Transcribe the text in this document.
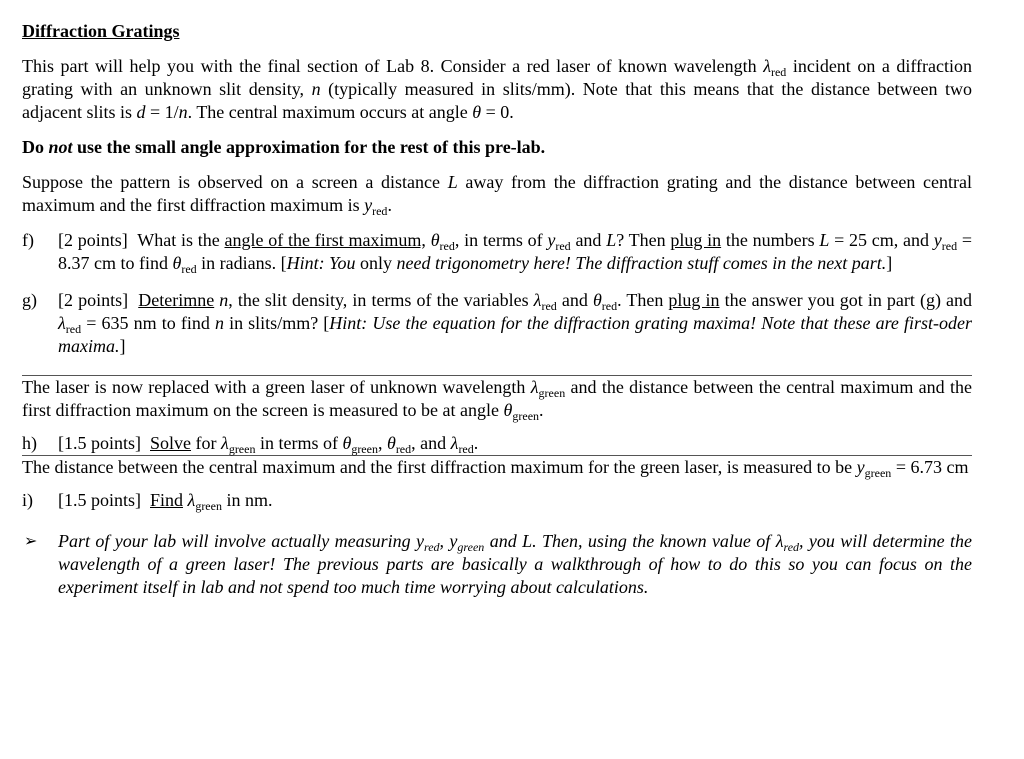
Diffraction Gratings

This part will help you with the final section of Lab 8. Consider a red laser of known wavelength $\lambda_{red}$ incident on a diffraction grating with an unknown slit density, n (typically measured in slits/mm). Note that this means that the distance between two adjacent slits is d = 1/n. The central maximum occurs at angle θ = 0.

Do not use the small angle approximation for the rest of this pre-lab.

Suppose the pattern is observed on a screen a distance L away from the diffraction grating and the distance between central maximum and the first diffraction maximum is $y_{red}$.

f) [2 points] What is the angle of the first maximum, $\theta_{red}$, in terms of $y_{red}$ and L? Then plug in the numbers L = 25 cm, and $y_{red} = 8.37$ cm to find $\theta_{red}$ in radians. [Hint: You only need trigonometry here! The diffraction stuff comes in the next part.]
g) [2 points] Deterimne n, the slit density, in terms of the variables $\lambda_{red}$ and $\theta_{red}$. Then plug in the answer you got in part (g) and $\lambda_{red} = 635$ nm to find n in slits/mm? [Hint: Use the equation for the diffraction grating maxima! Note that these are first-oder maxima.]

The laser is now replaced with a green laser of unknown wavelength $\lambda_{green}$ and the distance between the central maximum and the first diffraction maximum on the screen is measured to be at angle $\theta_{green}$.

h) [1.5 points] Solve for $\lambda_{green}$ in terms of $\theta_{green}$, $\theta_{red}$, and $\lambda_{red}$.

The distance between the central maximum and the first diffraction maximum for the green laser, is measured to be $y_{green} = 6.73$ cm

i) [1.5 points] Find $\lambda_{green}$ in nm.
➢ Part of your lab will involve actually measuring $y_{red}$, $y_{green}$ and L. Then, using the known value of $\lambda_{red}$, you will determine the wavelength of a green laser! The previous parts are basically a walkthrough of how to do this so you can focus on the experiment itself in lab and not spend too much time worrying about calculations.
